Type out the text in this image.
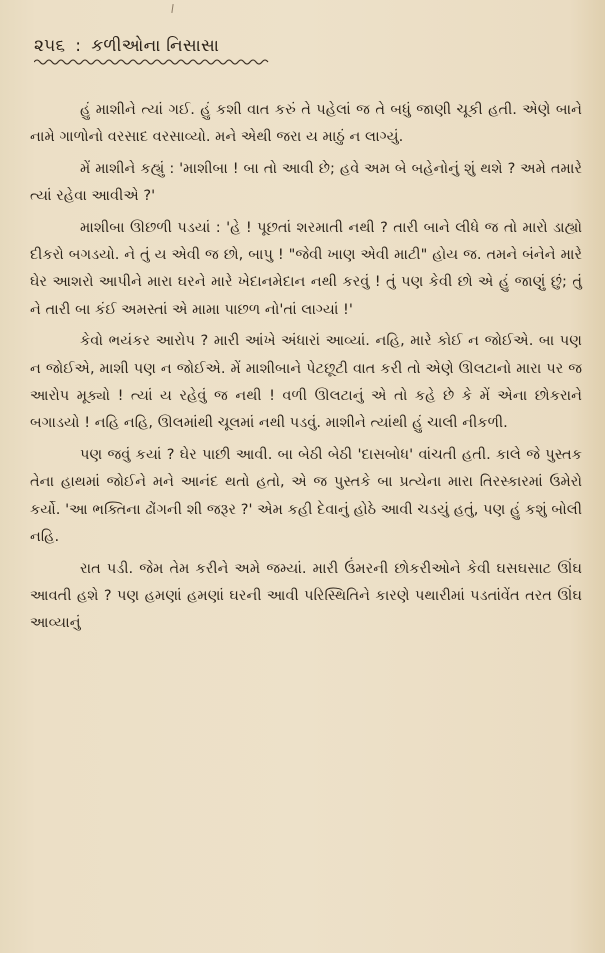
૨૫૬ : કળીઓના નિસાસા

હું માશીને ત્યાં ગઈ. હું કશી વાત કરું તે પહેલાં જ તે બધું જાણી ચૂકી હતી. એણે બાને નામે ગાળોનો વરસાદ વરસાવ્યો. મને એથી જરા ય માઠું ન લાગ્યું.

મેં માશીને કહ્યું : 'માશીબા ! બા તો આવી છે; હવે અમ બે બહેનોનું શું થશે ? અમે તમારે ત્યાં રહેવા આવીએ ?'

માશીબા ઊછળી પડયાં : 'હે ! પૂછતાં શરમાતી નથી ? તારી બાને લીધે જ તો મારો ડાહ્યો દીકરો બગડયો. ને તું ય એવી જ છો, બાપુ ! "જેવી ખાણ એવી માટી" હોય જ. તમને બંનેને મારે ઘેર આશરો આપીને મારા ઘરને મારે ખેદાનમેદાન નથી કરવું ! તું પણ કેવી છો એ હું જાણું છું; તું ને તારી બા કંઈ અમસ્તાં એ મામા પાછળ નો'તાં લાગ્યાં !'

કેવો ભયંકર આરોપ ? મારી આંખે અંધારાં આવ્યાં. નહિ, મારે કોઈ ન જોઈએ. બા પણ ન જોઈએ, માશી પણ ન જોઈએ. મેં માશીબાને પેટછૂટી વાત કરી તો એણે ઊલટાનો મારા પર જ આરોપ મૂક્યો ! ત્યાં ય રહેવું જ નથી ! વળી ઊલટાનું એ તો કહે છે કે મેં એના છોકરાને બગાડયો ! નહિ નહિ, ઊલમાંથી ચૂલમાં નથી પડવું. માશીને ત્યાંથી હું ચાલી નીકળી.

પણ જવું કયાં ? ઘેર પાછી આવી. બા બેઠી બેઠી 'દાસબોધ' વાંચતી હતી. કાલે જે પુસ્તક તેના હાથમાં જોઈને મને આનંદ થતો હતો, એ જ પુસ્તકે બા પ્રત્યેના મારા તિરસ્કારમાં ઉમેરો કર્યો. 'આ ભક્તિના ઢોંગની શી જરૂર ?' એમ કહી દેવાનું હોઠે આવી ચડયું હતું, પણ હું કશું બોલી નહિ.

રાત પડી. જેમ તેમ કરીને અમે જમ્યાં. મારી ઉંમરની છોકરીઓને કેવી ઘસઘસાટ ઊંઘ આવતી હશે ? પણ હમણાં હમણાં ઘરની આવી પરિસ્થિતિને કારણે પથારીમાં પડતાંવેંત તરત ઊંઘ આવ્યાનું
